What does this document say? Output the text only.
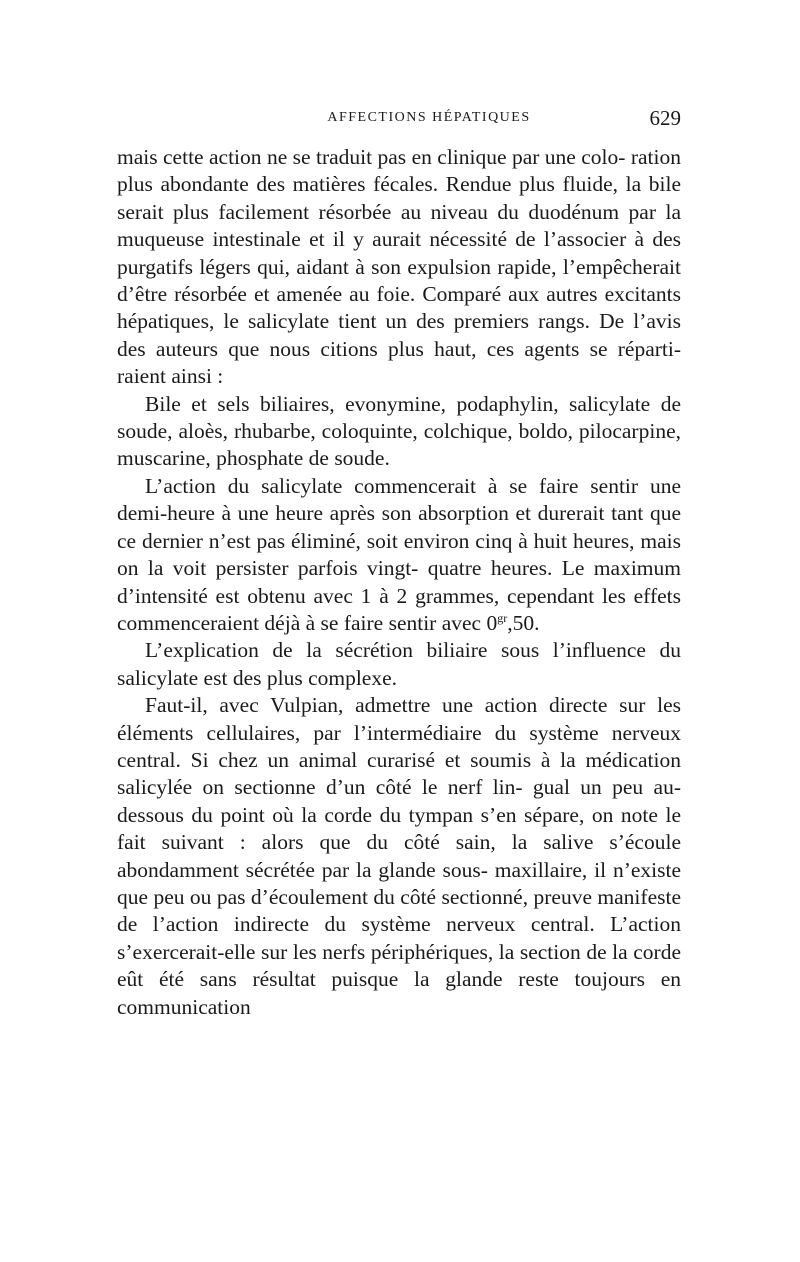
AFFECTIONS HÉPATIQUES	629

mais cette action ne se traduit pas en clinique par une colo- ration plus abondante des matières fécales. Rendue plus fluide, la bile serait plus facilement résorbée au niveau du duodénum par la muqueuse intestinale et il y aurait nécessité de l’associer à des purgatifs légers qui, aidant à son expulsion rapide, l’empêcherait d’être résorbée et amenée au foie. Comparé aux autres excitants hépatiques, le salicylate tient un des premiers rangs. De l’avis des auteurs que nous citions plus haut, ces agents se réparti- raient ainsi :

Bile et sels biliaires, evonymine, podaphylin, salicylate de soude, aloès, rhubarbe, coloquinte, colchique, boldo, pilocarpine, muscarine, phosphate de soude.

L’action du salicylate commencerait à se faire sentir une demi-heure à une heure après son absorption et durerait tant que ce dernier n’est pas éliminé, soit environ cinq à huit heures, mais on la voit persister parfois vingt- quatre heures. Le maximum d’intensité est obtenu avec 1 à 2 grammes, cependant les effets commenceraient déjà à se faire sentir avec $0^{gr},50$.

L’explication de la sécrétion biliaire sous l’influence du salicylate est des plus complexe.

Faut-il, avec Vulpian, admettre une action directe sur les éléments cellulaires, par l’intermédiaire du système nerveux central. Si chez un animal curarisé et soumis à la médication salicylée on sectionne d’un côté le nerf lin- gual un peu au-dessous du point où la corde du tympan s’en sépare, on note le fait suivant : alors que du côté sain, la salive s’écoule abondamment sécrétée par la glande sous- maxillaire, il n’existe que peu ou pas d’écoulement du côté sectionné, preuve manifeste de l’action indirecte du système nerveux central. L’action s’exercerait-elle sur les nerfs périphériques, la section de la corde eût été sans résultat puisque la glande reste toujours en communication
